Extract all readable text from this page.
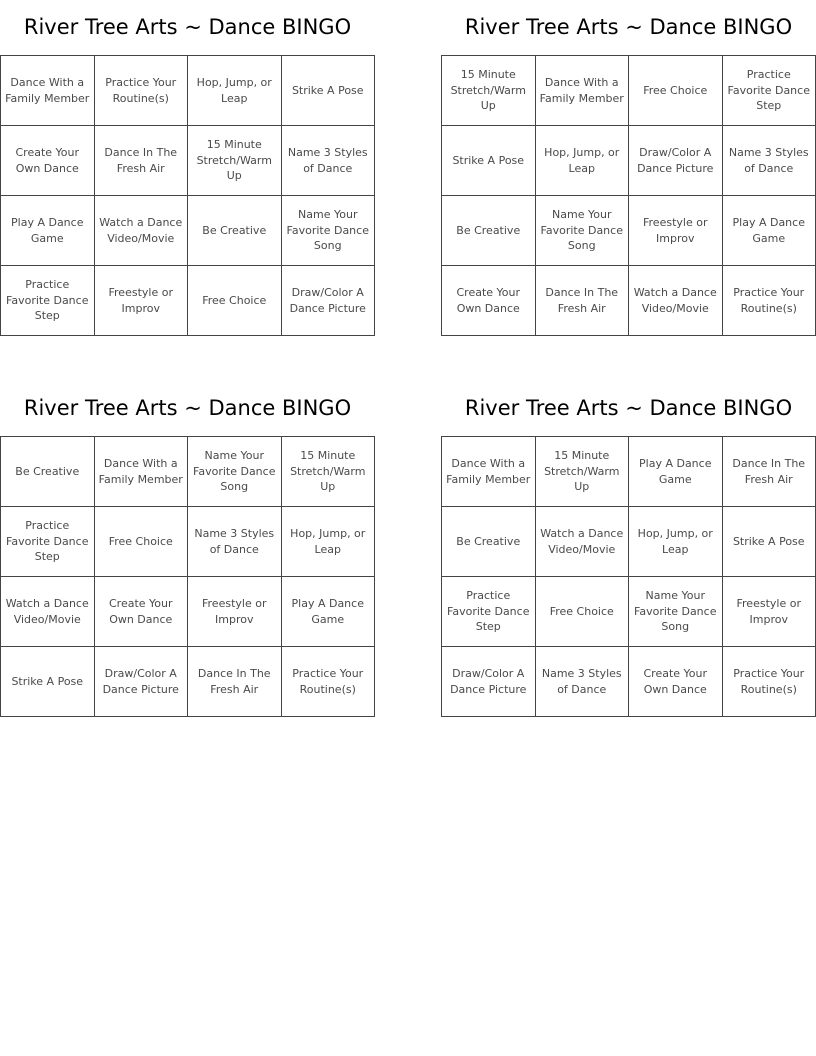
River Tree Arts ~ Dance BINGO
Dance With a Family Member
Practice Your Routine(s)
Hop, Jump, or Leap
Strike A Pose
Create Your Own Dance
Dance In The Fresh Air
15 Minute Stretch/Warm Up
Name 3 Styles of Dance
Play A Dance Game
Watch a Dance Video/Movie
Be Creative
Name Your Favorite Dance Song
Practice Favorite Dance Step
Freestyle or Improv
Free Choice
Draw/Color A Dance Picture
River Tree Arts ~ Dance BINGO
15 Minute Stretch/Warm Up
Dance With a Family Member
Free Choice
Practice Favorite Dance Step
Strike A Pose
Hop, Jump, or Leap
Draw/Color A Dance Picture
Name 3 Styles of Dance
Be Creative
Name Your Favorite Dance Song
Freestyle or Improv
Play A Dance Game
Create Your Own Dance
Dance In The Fresh Air
Watch a Dance Video/Movie
Practice Your Routine(s)
River Tree Arts ~ Dance BINGO
Be Creative
Dance With a Family Member
Name Your Favorite Dance Song
15 Minute Stretch/Warm Up
Practice Favorite Dance Step
Free Choice
Name 3 Styles of Dance
Hop, Jump, or Leap
Watch a Dance Video/Movie
Create Your Own Dance
Freestyle or Improv
Play A Dance Game
Strike A Pose
Draw/Color A Dance Picture
Dance In The Fresh Air
Practice Your Routine(s)
River Tree Arts ~ Dance BINGO
Dance With a Family Member
15 Minute Stretch/Warm Up
Play A Dance Game
Dance In The Fresh Air
Be Creative
Watch a Dance Video/Movie
Hop, Jump, or Leap
Strike A Pose
Practice Favorite Dance Step
Free Choice
Name Your Favorite Dance Song
Freestyle or Improv
Draw/Color A Dance Picture
Name 3 Styles of Dance
Create Your Own Dance
Practice Your Routine(s)
